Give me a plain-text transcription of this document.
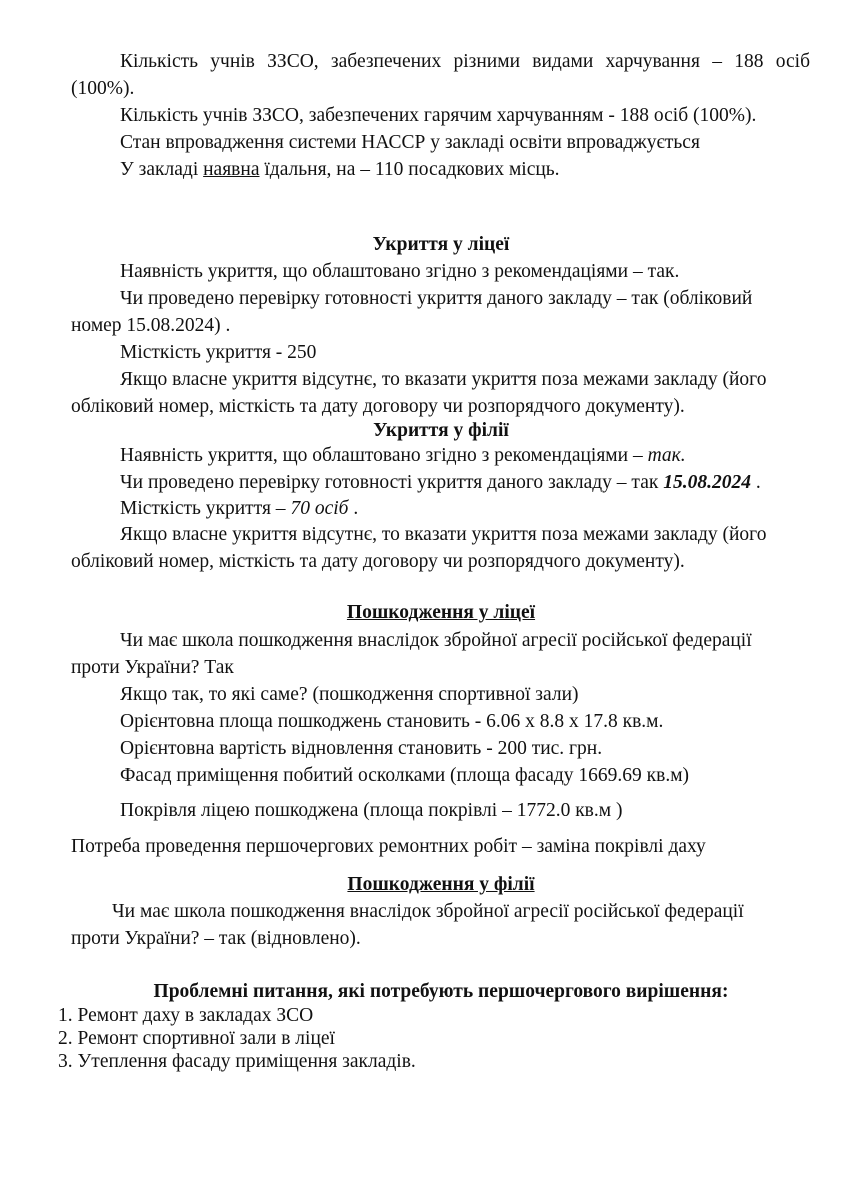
Кількість учнів ЗЗСО, забезпечених різними видами харчування – 188 осіб
(100%).
Кількість учнів ЗЗСО, забезпечених гарячим харчуванням - 188 осіб (100%).
Стан впровадження системи НАССР у закладі освіти впроваджується
У закладі наявна їдальня, на – 110 посадкових місць.
Укриття у ліцеї
Наявність укриття, що облаштовано згідно з рекомендаціями – так.
Чи проведено перевірку готовності укриття даного закладу – так (обліковий
номер 15.08.2024) .
Місткість укриття - 250
Якщо власне укриття відсутнє, то вказати укриття поза межами закладу (його
обліковий номер, місткість та дату договору чи розпорядчого документу).
Укриття у філії
Наявність укриття, що облаштовано згідно з рекомендаціями – так.
Чи проведено перевірку готовності укриття даного закладу – так 15.08.2024 .
Місткість укриття – 70 осіб .
Якщо власне укриття відсутнє, то вказати укриття поза межами закладу (його
обліковий номер, місткість та дату договору чи розпорядчого документу).
Пошкодження у ліцеї
Чи має школа пошкодження внаслідок збройної агресії російської федерації
проти України? Так
Якщо так, то які саме? (пошкодження спортивної зали)
Орієнтовна площа пошкоджень становить - 6.06 х 8.8 х 17.8 кв.м.
Орієнтовна вартість відновлення становить - 200 тис. грн.
Фасад приміщення побитий осколками (площа фасаду 1669.69 кв.м)
Покрівля ліцею пошкоджена (площа покрівлі – 1772.0 кв.м )
Потреба проведення першочергових ремонтних робіт – заміна покрівлі даху
Пошкодження у філії
Чи має школа пошкодження внаслідок збройної агресії російської федерації
проти України? – так (відновлено).
Проблемні питання, які потребують першочергового вирішення:
1. Ремонт даху в закладах ЗСО
2. Ремонт спортивної зали в ліцеї
3. Утеплення фасаду приміщення закладів.
